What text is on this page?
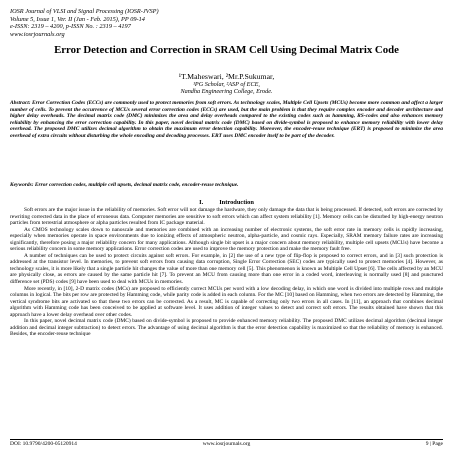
IOSR Journal of VLSI and Signal Processing (IOSR-JVSP)
Volume 5, Issue 1, Ver. II (Jan - Feb. 2015), PP 09-14
e-ISSN: 2319 – 4200, p-ISSN No. : 2319 – 4197
www.iosrjournals.org
Error Detection and Correction in SRAM Cell Using Decimal Matrix Code
¹T.Maheswari, ²Mr.P.Sukumar,
¹PG Scholar, ²ASP of ECE,
Nandha Engineering College, Erode.
Abstract: Error Correction Codes (ECCs) are commonly used to protect memories from soft errors. As technology scales, Multiple Cell Upsets (MCUs) become more common and affect a larger number of cells. To prevent the occurrence of MCUs several error correction codes (ECCs) are used, but the main problem is that they require complex encoder and decoder architecture and higher delay overheads. The decimal matrix code (DMC) minimizes the area and delay overheads compared to the existing codes such as hamming, RS-codes and also enhances memory reliability by enhancing the error correction capability. In this paper, novel decimal matrix code (DMC) based on divide-symbol is proposed to enhance memory reliability with lower delay overhead. The proposed DMC utilizes decimal algorithm to obtain the maximum error detection capability. Moreover, the encoder-reuse technique (ERT) is proposed to minimize the area overhead of extra circuits without disturbing the whole encoding and decoding processes. ERT uses DMC encoder itself to be part of the decoder.
Keywords: Error correction codes, multiple cell upsets, decimal matrix code, encoder-reuse technique.
I. Introduction

Soft errors are the major issue in the reliability of memories. Soft error will not damage the hardware, they only damage the data that is being processed. If detected, soft errors are corrected by rewriting corrected data in the place of erroneous data. Computer memories are sensitive to soft errors which can affect system reliability [1]. Memory cells can be disturbed by high-energy neutron particles from terrestrial atmosphere or alpha particles resulted from IC package material.

As CMOS technology scales down to nanoscale and memories are combined with an increasing number of electronic systems, the soft error rate in memory cells is rapidly increasing, especially when memories operate in space environments due to ionizing effects of atmospheric neutron, alpha-particle, and cosmic rays. Especially, SRAM memory failure rates are increasing significantly, therefore posing a major reliability concern for many applications. Although single bit upset is a major concern about memory reliability, multiple cell upsets (MCUs) have become a serious reliability concern in some memory applications. Error correction codes are used to improve the memory protection and make the memory fault free.

A number of techniques can be used to protect circuits against soft errors. For example, in [2] the use of a new type of flip-flop is proposed to correct errors, and in [3] such protection is addressed at the transistor level. In memories, to prevent soft errors from causing data corruption, Single Error Correction (SEC) codes are typically used to protect memories [4]. However, as technology scales, it is more likely that a single particle hit changes the value of more than one memory cell [5]. This phenomenon is known as Multiple Cell Upset [6]. The cells affected by an MCU are physically close, as errors are caused by the same particle hit [7]. To prevent an MCU from causing more than one error in a coded word, interleaving is normally used [8] and punctured difference set (PDS) codes [9] have been used to deal with MCUs in memories.

More recently, in [10], 2-D matrix codes (MCs) are proposed to efficiently correct MCUs per word with a low decoding delay, in which one word is divided into multiple rows and multiple columns in logical. The bits per row are protected by Hamming code, while parity code is added in each column. For the MC [10] based on Hamming, when two errors are detected by Hamming, the vertical syndrome bits are activated so that these two errors can be corrected. As a result, MC is capable of correcting only two errors in all cases. In [11], an approach that combines decimal algorithm with Hamming code has been conceived to be applied at software level. It uses addition of integer values to detect and correct soft errors. The results obtained have shown that this approach have a lower delay overhead over other codes.

In this paper, novel decimal matrix code (DMC) based on divide-symbol is proposed to provide enhanced memory reliability. The proposed DMC utilizes decimal algorithm (decimal integer addition and decimal integer subtraction) to detect errors. The advantage of using decimal algorithm is that the error detection capability is maximized so that the reliability of memory is enhanced. Besides, the encoder-reuse technique

DOI: 10.9790/4200-05120914	www.iosrjournals.org	9 | Page
